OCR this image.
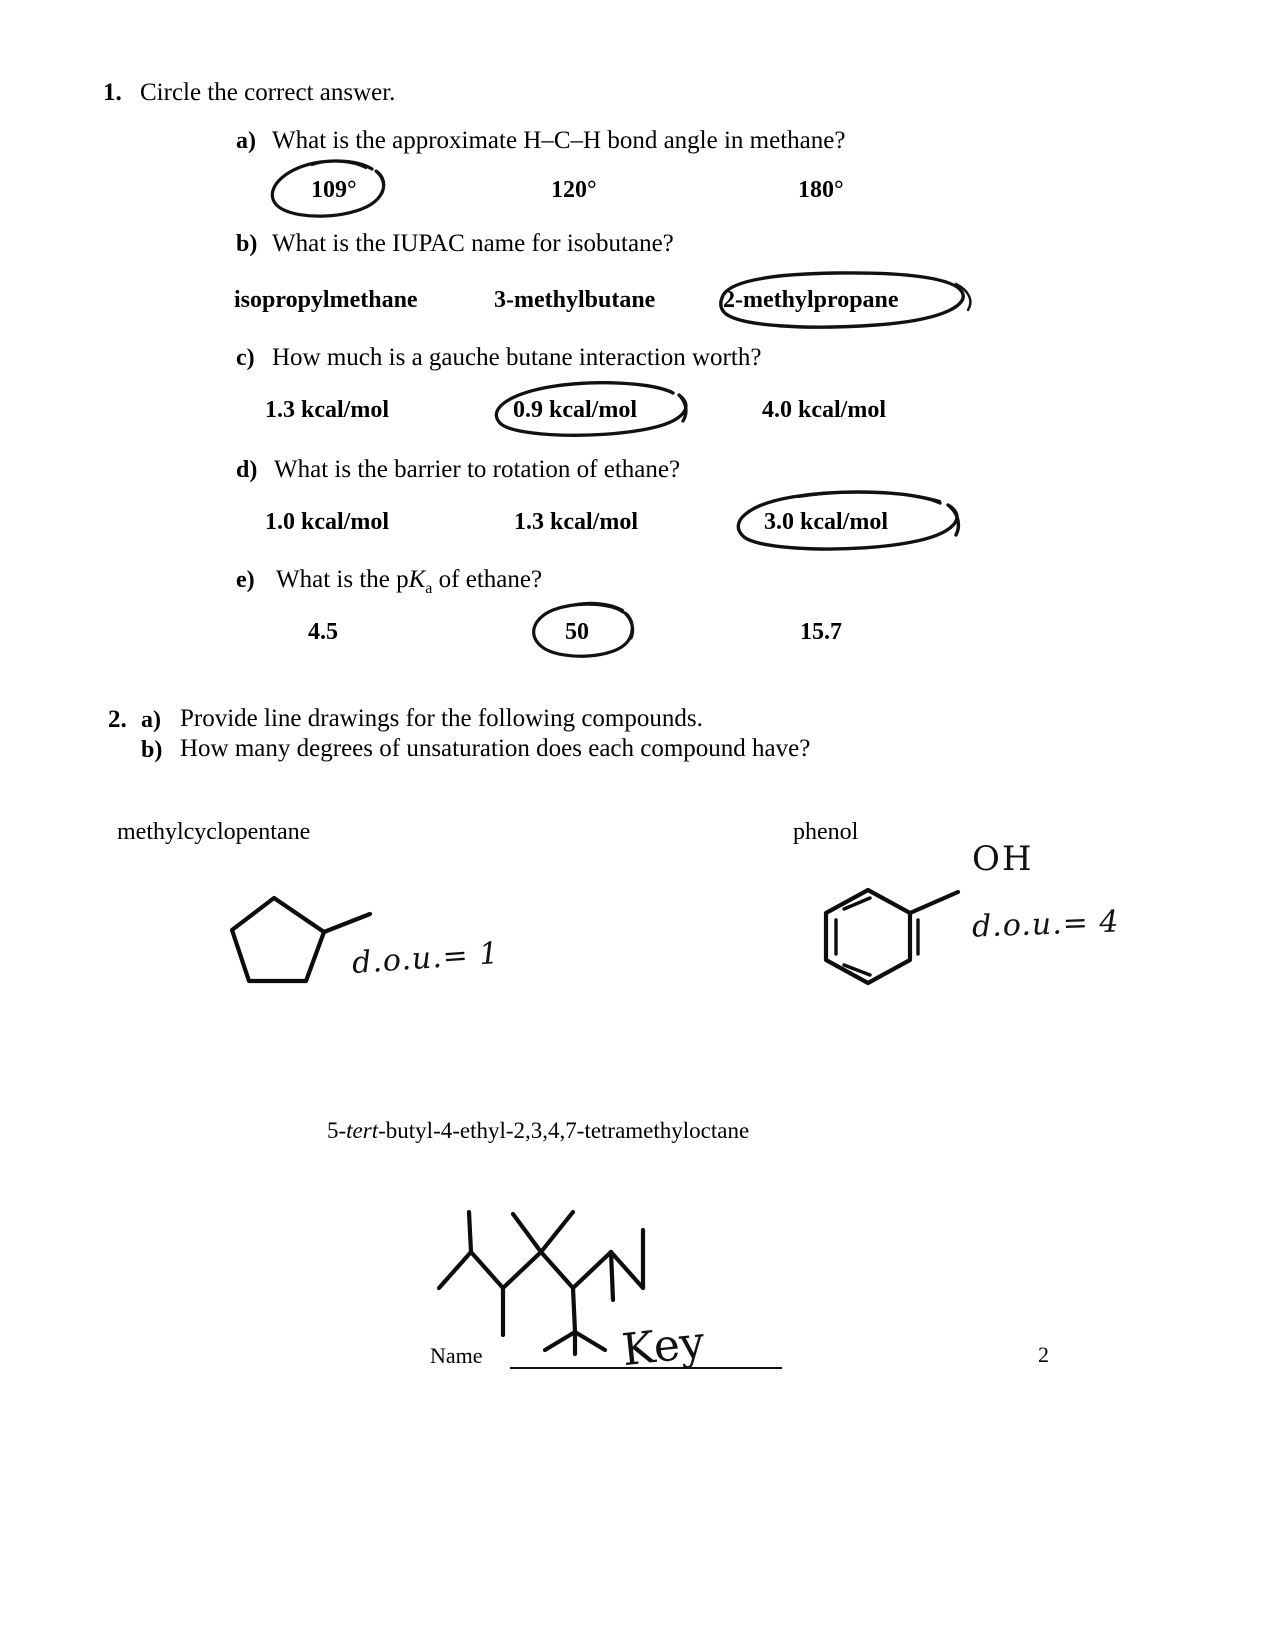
1. Circle the correct answer.
a) What is the approximate H–C–H bond angle in methane?
109°	120°	180°
b) What is the IUPAC name for isobutane?
isopropylmethane	3-methylbutane	2-methylpropane
c) How much is a gauche butane interaction worth?
1.3 kcal/mol	0.9 kcal/mol	4.0 kcal/mol
d) What is the barrier to rotation of ethane?
1.0 kcal/mol	1.3 kcal/mol	3.0 kcal/mol
e) What is the $pK_a$ of ethane?
4.5	50	15.7
2. a) Provide line drawings for the following compounds.
b) How many degrees of unsaturation does each compound have?
methylcyclopentane
d.o.u.= 1
phenol
OH
d.o.u.= 4
5-tert-butyl-4-ethyl-2,3,4,7-tetramethyloctane
Name	Key	2
